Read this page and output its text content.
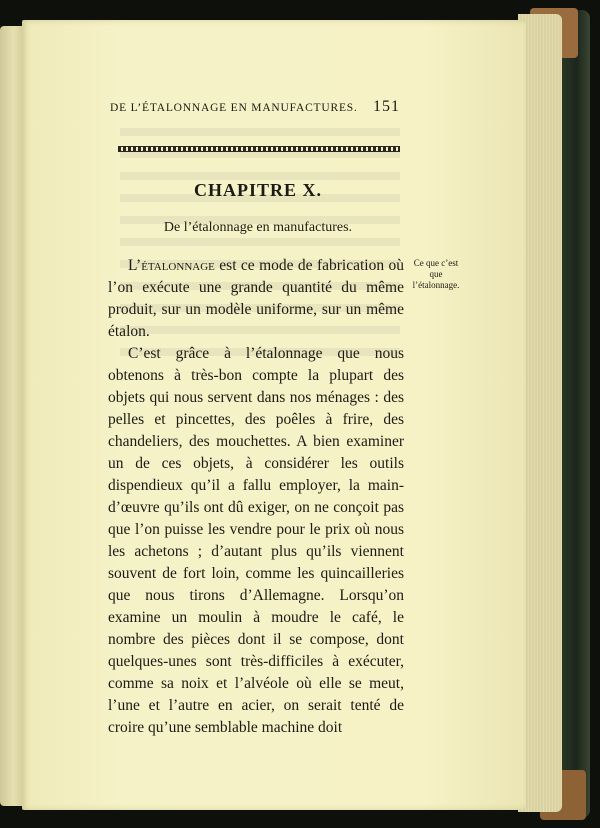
DE L’ÉTALONNAGE EN MANUFACTURES. 151
CHAPITRE X.
De l’étalonnage en manufactures.

L’étalonnage est ce mode de fabrication où l’on exécute une grande quantité du même produit, sur un modèle uniforme, sur un même étalon.

C’est grâce à l’étalonnage que nous obtenons à très-bon compte la plupart des objets qui nous servent dans nos ménages : des pelles et pincettes, des poêles à frire, des chandeliers, des mouchettes. A bien examiner un de ces objets, à considérer les outils dispendieux qu’il a fallu employer, la main-d’œuvre qu’ils ont dû exiger, on ne conçoit pas que l’on puisse les vendre pour le prix où nous les achetons ; d’autant plus qu’ils viennent souvent de fort loin, comme les quincailleries que nous tirons d’Allemagne. Lorsqu’on examine un moulin à moudre le café, le nombre des pièces dont il se compose, dont quelques-unes sont très-difficiles à exécuter, comme sa noix et l’alvéole où elle se meut, l’une et l’autre en acier, on serait tenté de croire qu’une semblable machine doit

Ce que c’est que l’étalonnage.
